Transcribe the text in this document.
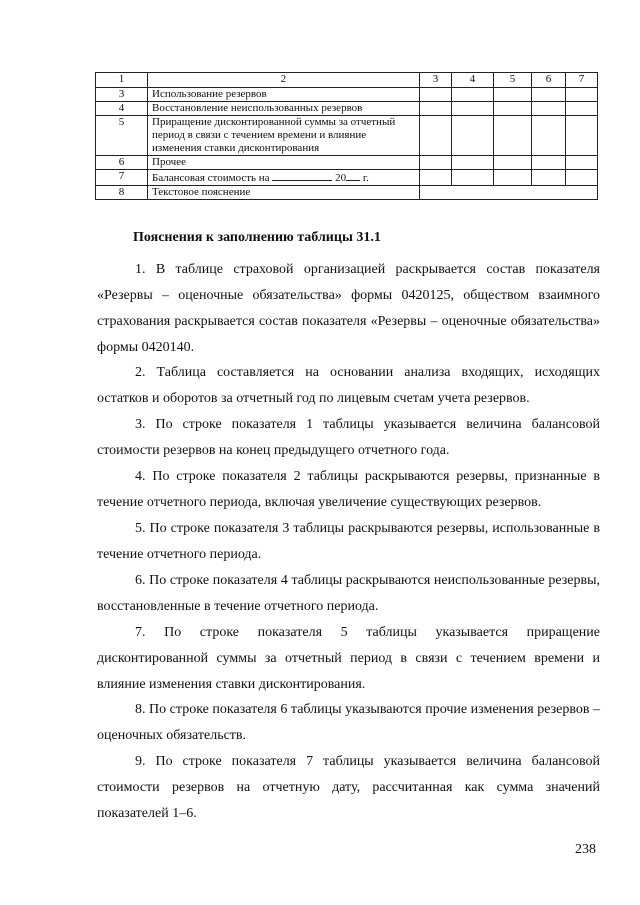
1	2	3	4	5	6	7
3	Использование резервов					
4	Восстановление неиспользованных резервов					
5	Приращение дисконтированной суммы за отчетный период в связи с течением времени и влияние изменения ставки дисконтирования					
6	Прочее					
7	Балансовая стоимость на 20 г.					
8	Текстовое пояснение					
Пояснения к заполнению таблицы 31.1

1. В таблице страховой организацией раскрывается состав показателя «Резервы – оценочные обязательства» формы 0420125, обществом взаимного страхования раскрывается состав показателя «Резервы – оценочные обязательства» формы 0420140.

2. Таблица составляется на основании анализа входящих, исходящих остатков и оборотов за отчетный год по лицевым счетам учета резервов.

3. По строке показателя 1 таблицы указывается величина балансовой стоимости резервов на конец предыдущего отчетного года.

4. По строке показателя 2 таблицы раскрываются резервы, признанные в течение отчетного периода, включая увеличение существующих резервов.

5. По строке показателя 3 таблицы раскрываются резервы, использованные в течение отчетного периода.

6. По строке показателя 4 таблицы раскрываются неиспользованные резервы, восстановленные в течение отчетного периода.

7. По строке показателя 5 таблицы указывается приращение дисконтированной суммы за отчетный период в связи с течением времени и влияние изменения ставки дисконтирования.

8. По строке показателя 6 таблицы указываются прочие изменения резервов – оценочных обязательств.

9. По строке показателя 7 таблицы указывается величина балансовой стоимости резервов на отчетную дату, рассчитанная как сумма значений показателей 1–6.

238
